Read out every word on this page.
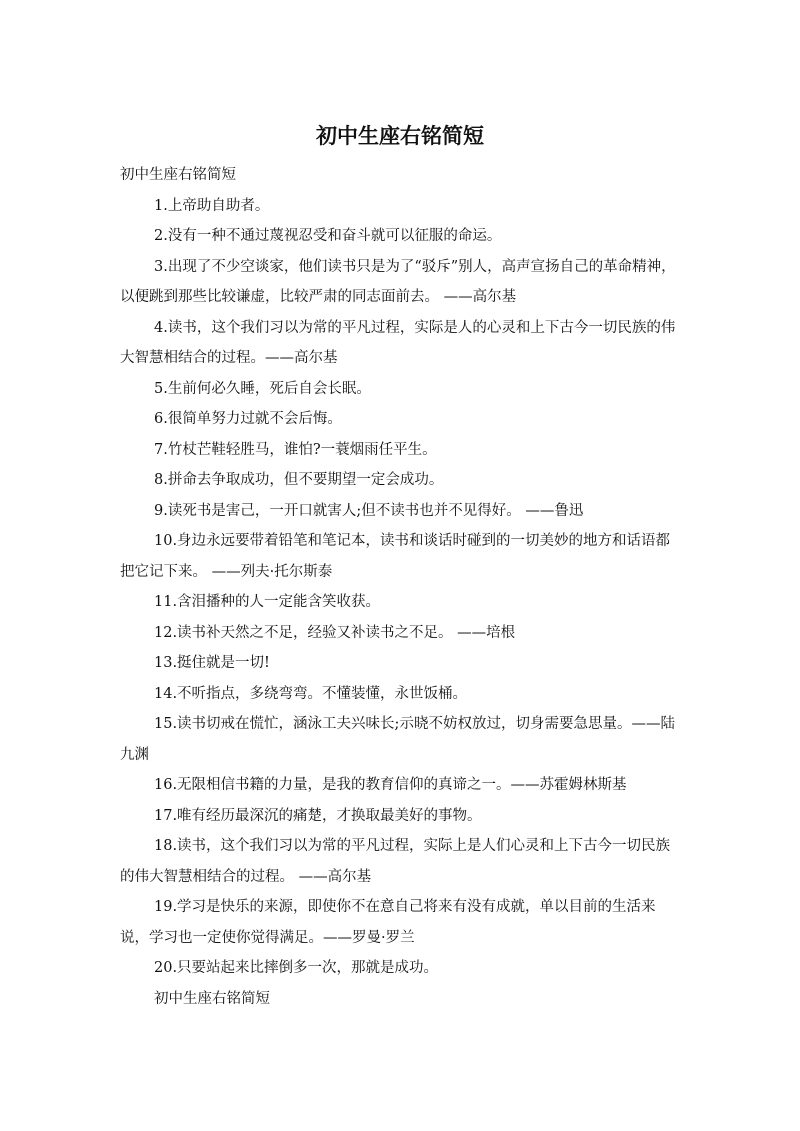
初中生座右铭简短

初中生座右铭简短

1.上帝助自助者。

2.没有一种不通过蔑视忍受和奋斗就可以征服的命运。

3.出现了不少空谈家，他们读书只是为了“驳斥”别人，高声宣扬自己的革命精神，以便跳到那些比较谦虚，比较严肃的同志面前去。 ——高尔基

4.读书，这个我们习以为常的平凡过程，实际是人的心灵和上下古今一切民族的伟大智慧相结合的过程。——高尔基

5.生前何必久睡，死后自会长眠。

6.很简单努力过就不会后悔。

7.竹杖芒鞋轻胜马，谁怕?一蓑烟雨任平生。

8.拼命去争取成功，但不要期望一定会成功。

9.读死书是害己，一开口就害人;但不读书也并不见得好。 ——鲁迅

10.身边永远要带着铅笔和笔记本，读书和谈话时碰到的一切美妙的地方和话语都把它记下来。 ——列夫·托尔斯泰

11.含泪播种的人一定能含笑收获。

12.读书补天然之不足，经验又补读书之不足。 ——培根

13.挺住就是一切!

14.不听指点，多绕弯弯。不懂装懂，永世饭桶。

15.读书切戒在慌忙，涵泳工夫兴味长;示晓不妨权放过，切身需要急思量。——陆九渊

16.无限相信书籍的力量，是我的教育信仰的真谛之一。——苏霍姆林斯基

17.唯有经历最深沉的痛楚，才换取最美好的事物。

18.读书，这个我们习以为常的平凡过程，实际上是人们心灵和上下古今一切民族的伟大智慧相结合的过程。 ——高尔基

19.学习是快乐的来源，即使你不在意自己将来有没有成就，单以目前的生活来说，学习也一定使你觉得满足。——罗曼·罗兰

20.只要站起来比摔倒多一次，那就是成功。

初中生座右铭简短
